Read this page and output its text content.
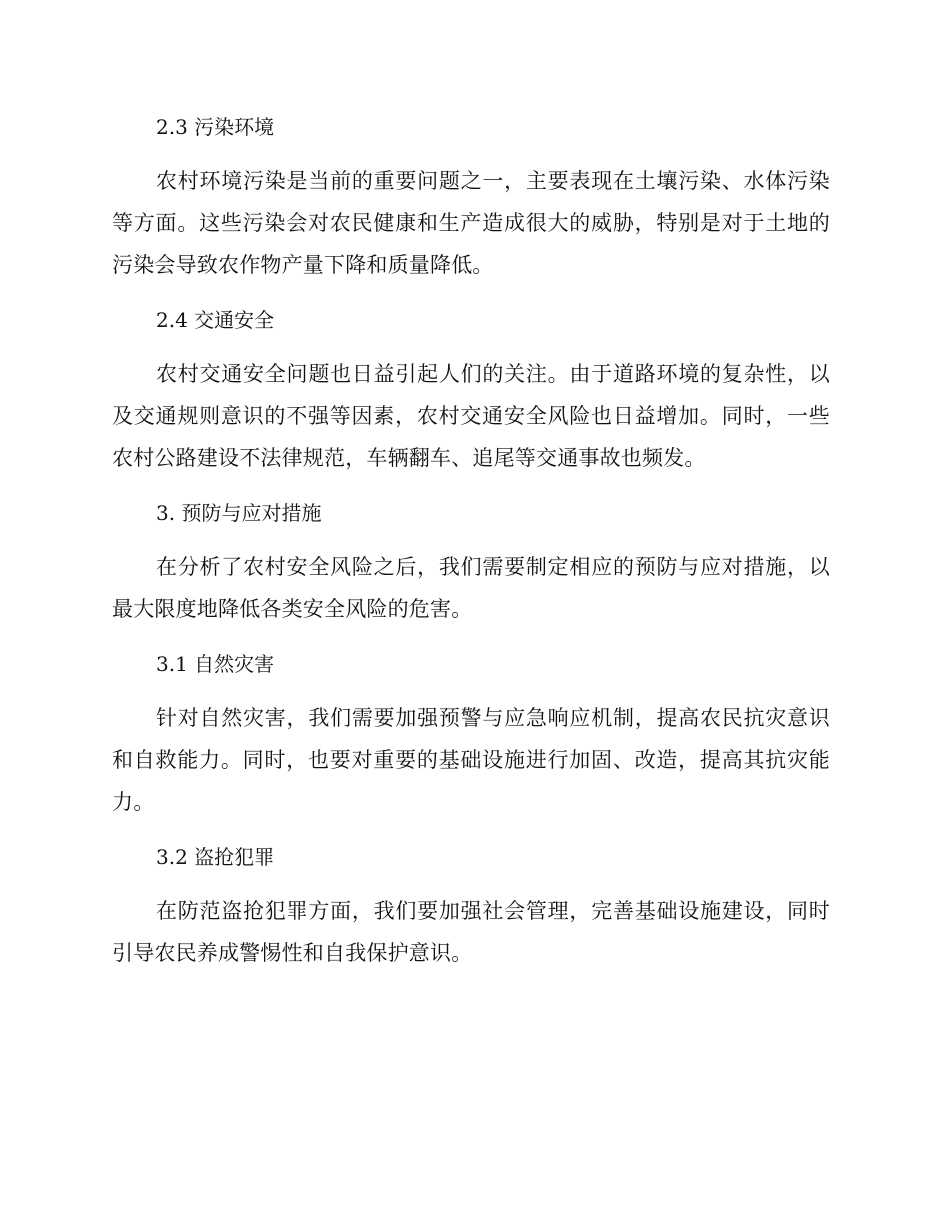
2.3 污染环境

农村环境污染是当前的重要问题之一，主要表现在土壤污染、水体污染等方面。这些污染会对农民健康和生产造成很大的威胁，特别是对于土地的污染会导致农作物产量下降和质量降低。

2.4 交通安全

农村交通安全问题也日益引起人们的关注。由于道路环境的复杂性，以及交通规则意识的不强等因素，农村交通安全风险也日益增加。同时，一些农村公路建设不法律规范，车辆翻车、追尾等交通事故也频发。

3. 预防与应对措施

在分析了农村安全风险之后，我们需要制定相应的预防与应对措施，以最大限度地降低各类安全风险的危害。

3.1 自然灾害

针对自然灾害，我们需要加强预警与应急响应机制，提高农民抗灾意识和自救能力。同时，也要对重要的基础设施进行加固、改造，提高其抗灾能力。

3.2 盗抢犯罪

在防范盗抢犯罪方面，我们要加强社会管理，完善基础设施建设，同时引导农民养成警惕性和自我保护意识。
